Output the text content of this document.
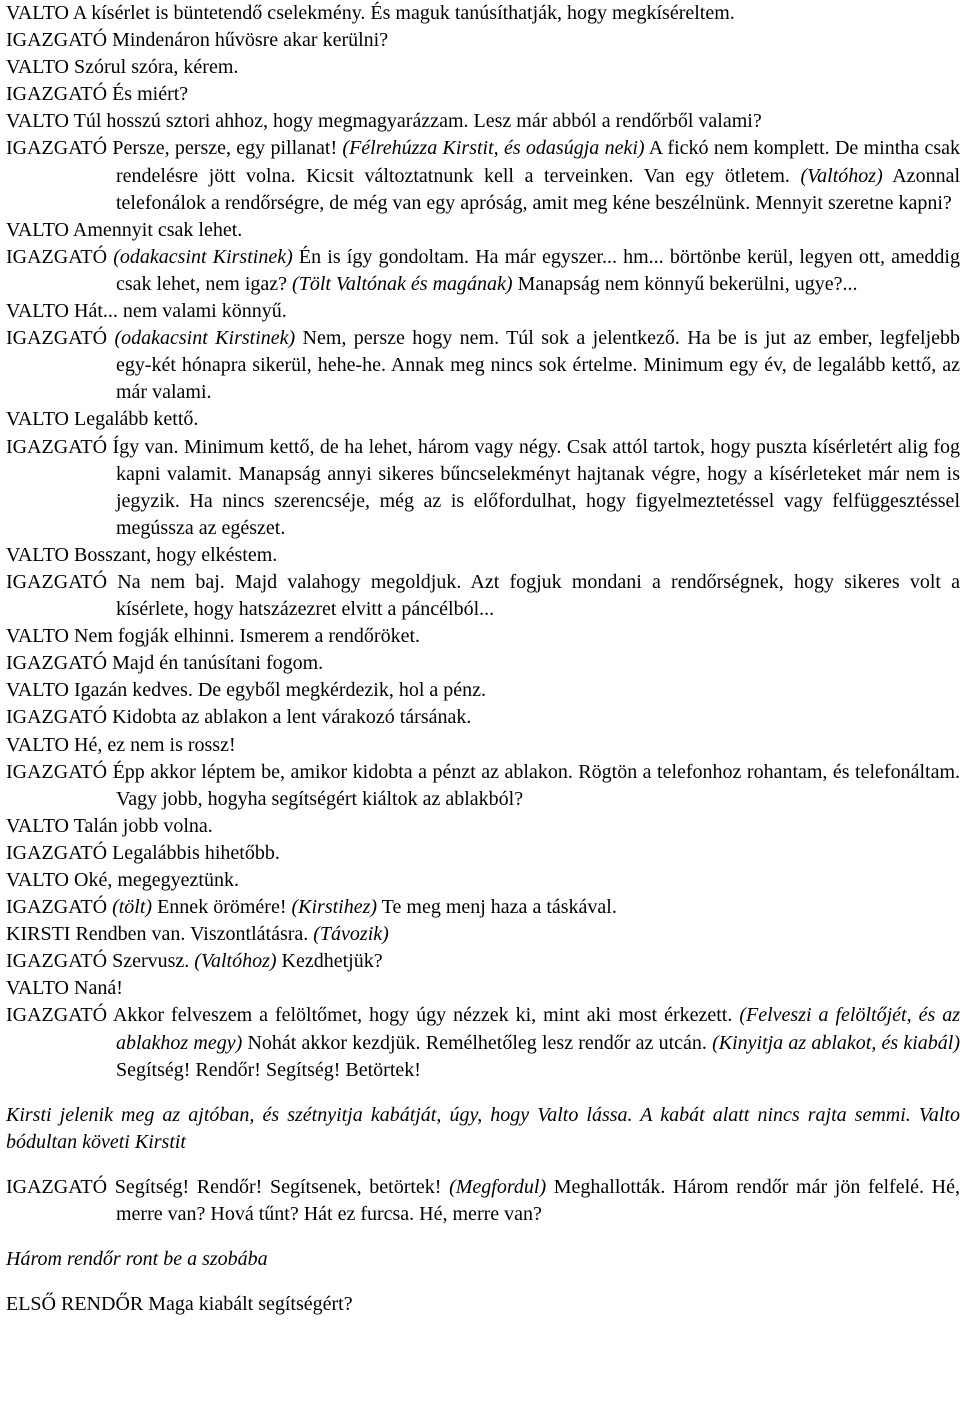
VALTO A kísérlet is büntetendő cselekmény. És maguk tanúsíthatják, hogy megkíséreltem.

IGAZGATÓ Mindenáron hűvösre akar kerülni?

VALTO Szórul szóra, kérem.

IGAZGATÓ És miért?

VALTO Túl hosszú sztori ahhoz, hogy megmagyarázzam. Lesz már abból a rendőrből valami?

IGAZGATÓ Persze, persze, egy pillanat! (Félrehúzza Kirstit, és odasúgja neki) A fickó nem komplett. De mintha csak rendelésre jött volna. Kicsit változtatnunk kell a terveinken. Van egy ötletem. (Valtóhoz) Azonnal telefonálok a rendőrségre, de még van egy apróság, amit meg kéne beszélnünk. Mennyit szeretne kapni?

VALTO Amennyit csak lehet.

IGAZGATÓ (odakacsint Kirstinek) Én is így gondoltam. Ha már egyszer... hm... börtönbe kerül, legyen ott, ameddig csak lehet, nem igaz? (Tölt Valtónak és magának) Manapság nem könnyű bekerülni, ugye?...

VALTO Hát... nem valami könnyű.

IGAZGATÓ (odakacsint Kirstinek) Nem, persze hogy nem. Túl sok a jelentkező. Ha be is jut az ember, legfeljebb egy-két hónapra sikerül, hehe-he. Annak meg nincs sok értelme. Minimum egy év, de legalább kettő, az már valami.

VALTO Legalább kettő.

IGAZGATÓ Így van. Minimum kettő, de ha lehet, három vagy négy. Csak attól tartok, hogy puszta kísérletért alig fog kapni valamit. Manapság annyi sikeres bűncselekményt hajtanak végre, hogy a kísérleteket már nem is jegyzik. Ha nincs szerencséje, még az is előfordulhat, hogy figyelmeztetéssel vagy felfüggesztéssel megússza az egészet.

VALTO Bosszant, hogy elkéstem.

IGAZGATÓ Na nem baj. Majd valahogy megoldjuk. Azt fogjuk mondani a rendőrségnek, hogy sikeres volt a kísérlete, hogy hatszázezret elvitt a páncélból...

VALTO Nem fogják elhinni. Ismerem a rendőröket.

IGAZGATÓ Majd én tanúsítani fogom.

VALTO Igazán kedves. De egyből megkérdezik, hol a pénz.

IGAZGATÓ Kidobta az ablakon a lent várakozó társának.

VALTO Hé, ez nem is rossz!

IGAZGATÓ Épp akkor léptem be, amikor kidobta a pénzt az ablakon. Rögtön a telefonhoz rohantam, és telefonáltam. Vagy jobb, hogyha segítségért kiáltok az ablakból?

VALTO Talán jobb volna.

IGAZGATÓ Legalábbis hihetőbb.

VALTO Oké, megegyeztünk.

IGAZGATÓ (tölt) Ennek örömére! (Kirstihez) Te meg menj haza a táskával.

KIRSTI Rendben van. Viszontlátásra. (Távozik)

IGAZGATÓ Szervusz. (Valtóhoz) Kezdhetjük?

VALTO Naná!

IGAZGATÓ Akkor felveszem a felöltőmet, hogy úgy nézzek ki, mint aki most érkezett. (Felveszi a felöltőjét, és az ablakhoz megy) Nohát akkor kezdjük. Remélhetőleg lesz rendőr az utcán. (Kinyitja az ablakot, és kiabál) Segítség! Rendőr! Segítség! Betörtek!

Kirsti jelenik meg az ajtóban, és szétnyitja kabátját, úgy, hogy Valto lássa. A kabát alatt nincs rajta semmi. Valto bódultan követi Kirstit

IGAZGATÓ Segítség! Rendőr! Segítsenek, betörtek! (Megfordul) Meghallották. Három rendőr már jön felfelé. Hé, merre van? Hová tűnt? Hát ez furcsa. Hé, merre van?

Három rendőr ront be a szobába

ELSŐ RENDŐR Maga kiabált segítségért?
